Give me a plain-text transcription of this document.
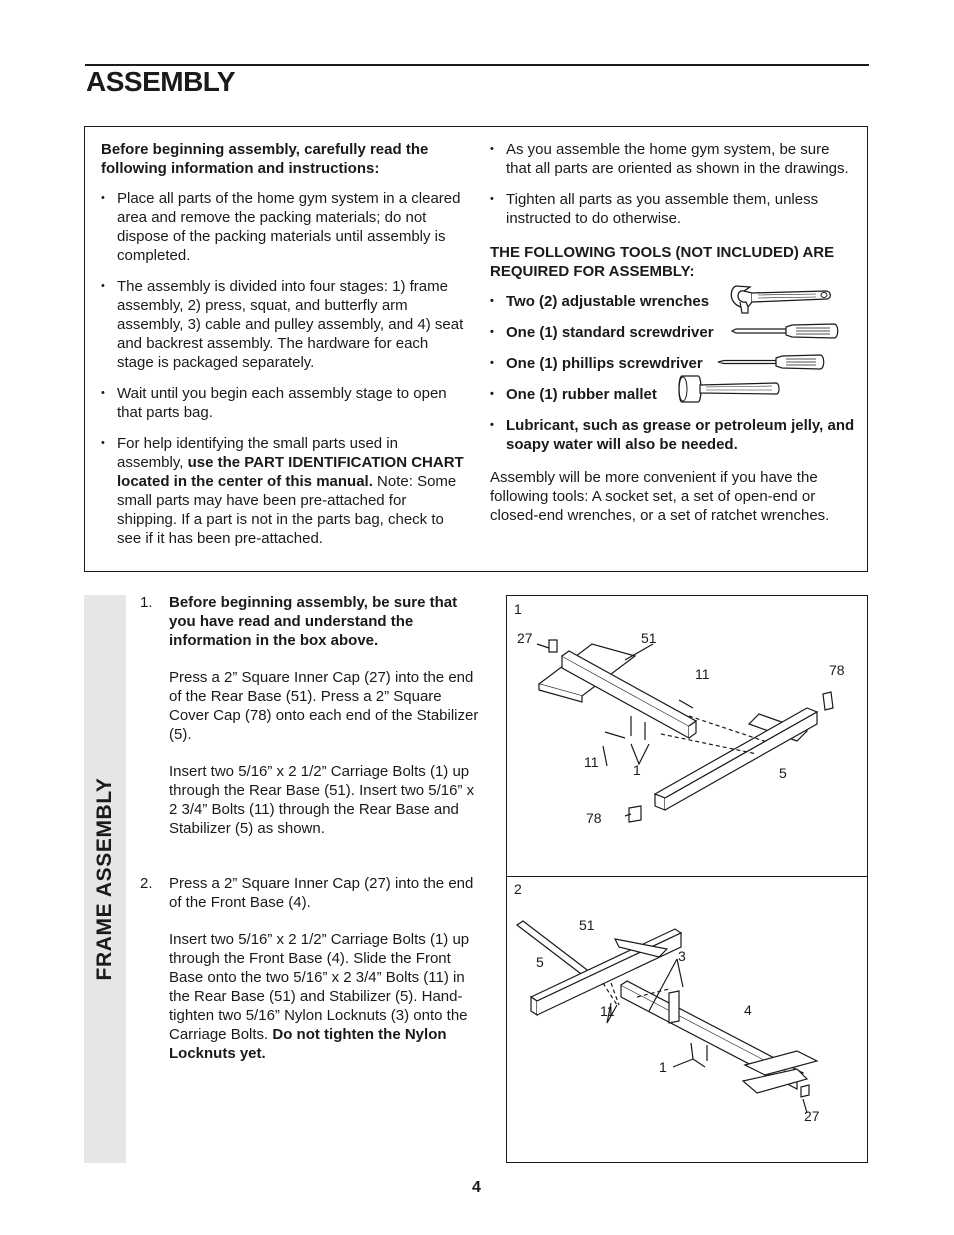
ASSEMBLY

Before beginning assembly, carefully read the following information and instructions:

• Place all parts of the home gym system in a cleared area and remove the packing materials; do not dispose of the packing materials until assembly is completed.
• The assembly is divided into four stages: 1) frame assembly, 2) press, squat, and butterfly arm assembly, 3) cable and pulley assembly, and 4) seat and backrest assembly. The hardware for each stage is packaged separately.
• Wait until you begin each assembly stage to open that parts bag.
• For help identifying the small parts used in assembly, use the PART IDENTIFICATION CHART located in the center of this manual. Note: Some small parts may have been pre-attached for shipping. If a part is not in the parts bag, check to see if it has been pre-attached.
• As you assemble the home gym system, be sure that all parts are oriented as shown in the drawings.
• Tighten all parts as you assemble them, unless instructed to do otherwise.

THE FOLLOWING TOOLS (NOT INCLUDED) ARE REQUIRED FOR ASSEMBLY:

• Two (2) adjustable wrenches
• One (1) standard screwdriver
• One (1) phillips screwdriver
• One (1) rubber mallet
• Lubricant, such as grease or petroleum jelly, and soapy water will also be needed.

Assembly will be more convenient if you have the following tools: A socket set, a set of open-end or closed-end wrenches, or a set of ratchet wrenches.

FRAME ASSEMBLY
1. Before beginning assembly, be sure that you have read and understand the information in the box above.

Press a 2” Square Inner Cap (27) into the end of the Rear Base (51). Press a 2” Square Cover Cap (78) onto each end of the Stabilizer (5).

Insert two 5/16” x 2 1/2” Carriage Bolts (1) up through the Rear Base (51). Insert two 5/16” x 2 3/4” Bolts (11) through the Rear Base and Stabilizer (5) as shown.

2. Press a 2” Square Inner Cap (27) into the end of the Front Base (4).

Insert two 5/16” x 2 1/2” Carriage Bolts (1) up through the Front Base (4). Slide the Front Base onto the two 5/16” x 2 3/4” Bolts (11) in the Rear Base (51) and Stabilizer (5). Hand-tighten two 5/16” Nylon Locknuts (3) onto the Carriage Bolts. Do not tighten the Nylon Locknuts yet.

1
27	51
11	78
11 1	5
78
2
51
5	3
11	4
1
27
4
